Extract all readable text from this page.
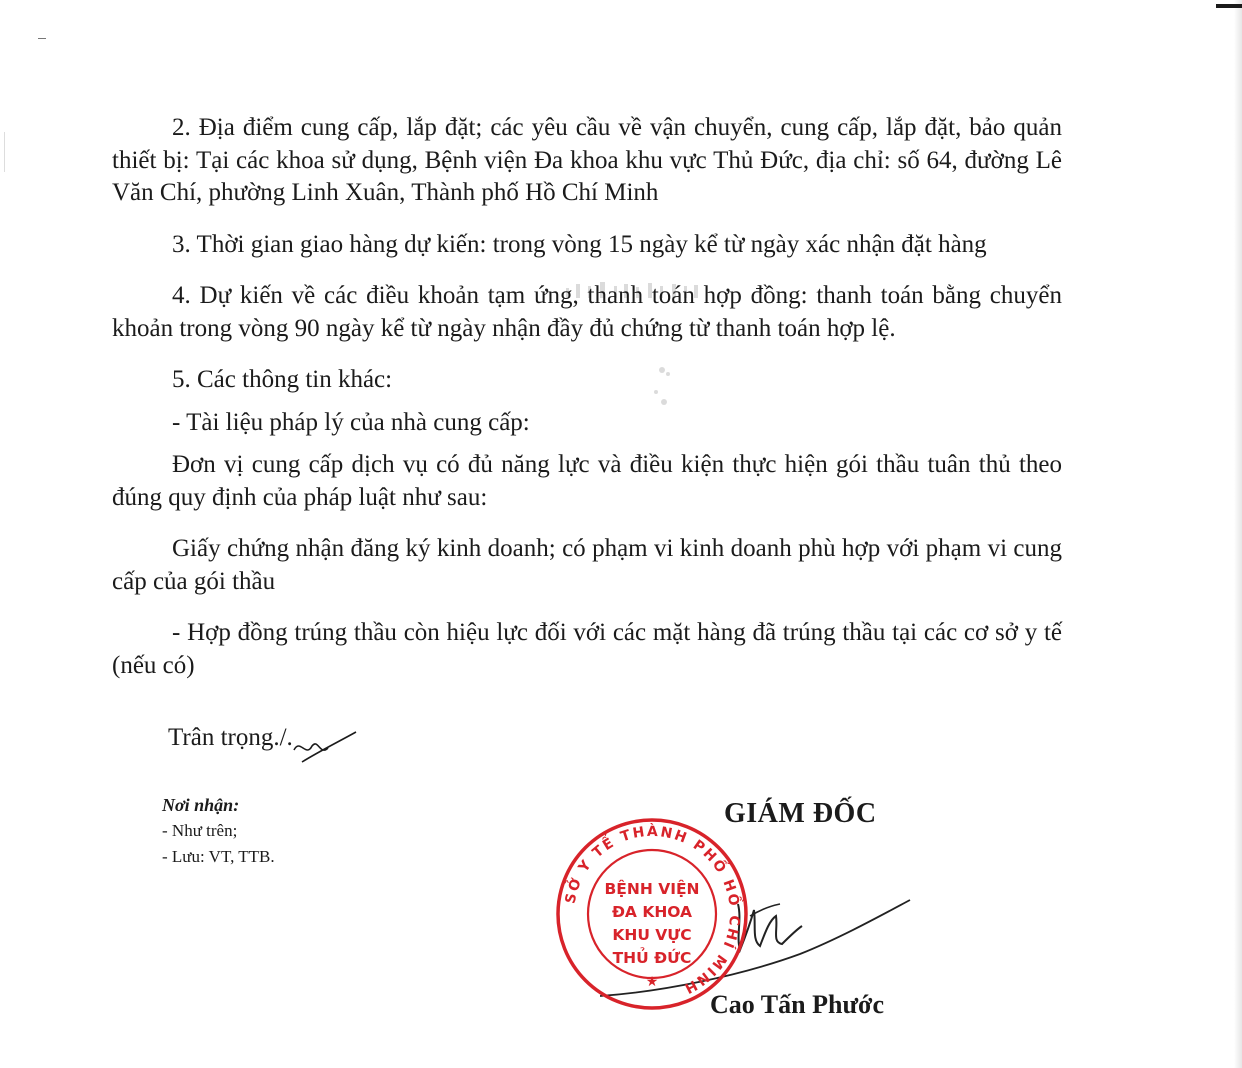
2. Địa điểm cung cấp, lắp đặt; các yêu cầu về vận chuyển, cung cấp, lắp đặt, bảo quản thiết bị: Tại các khoa sử dụng, Bệnh viện Đa khoa khu vực Thủ Đức, địa chỉ: số 64, đường Lê Văn Chí, phường Linh Xuân, Thành phố Hồ Chí Minh

3. Thời gian giao hàng dự kiến: trong vòng 15 ngày kể từ ngày xác nhận đặt hàng

4. Dự kiến về các điều khoản tạm ứng, thanh toán hợp đồng: thanh toán bằng chuyển khoản trong vòng 90 ngày kể từ ngày nhận đầy đủ chứng từ thanh toán hợp lệ.

5. Các thông tin khác:

- Tài liệu pháp lý của nhà cung cấp:

Đơn vị cung cấp dịch vụ có đủ năng lực và điều kiện thực hiện gói thầu tuân thủ theo đúng quy định của pháp luật như sau:

Giấy chứng nhận đăng ký kinh doanh; có phạm vi kinh doanh phù hợp với phạm vi cung cấp của gói thầu

- Hợp đồng trúng thầu còn hiệu lực đối với các mặt hàng đã trúng thầu tại các cơ sở y tế (nếu có)

Trân trọng./.
Nơi nhận:
- Như trên;
- Lưu: VT, TTB.
GIÁM ĐỐC
SỞ Y TẾ THÀNH PHỐ HỒ CHÍ MINH
★
BỆNH VIỆN
ĐA KHOA
KHU VỰC
THỦ ĐỨC
Cao Tấn Phước
